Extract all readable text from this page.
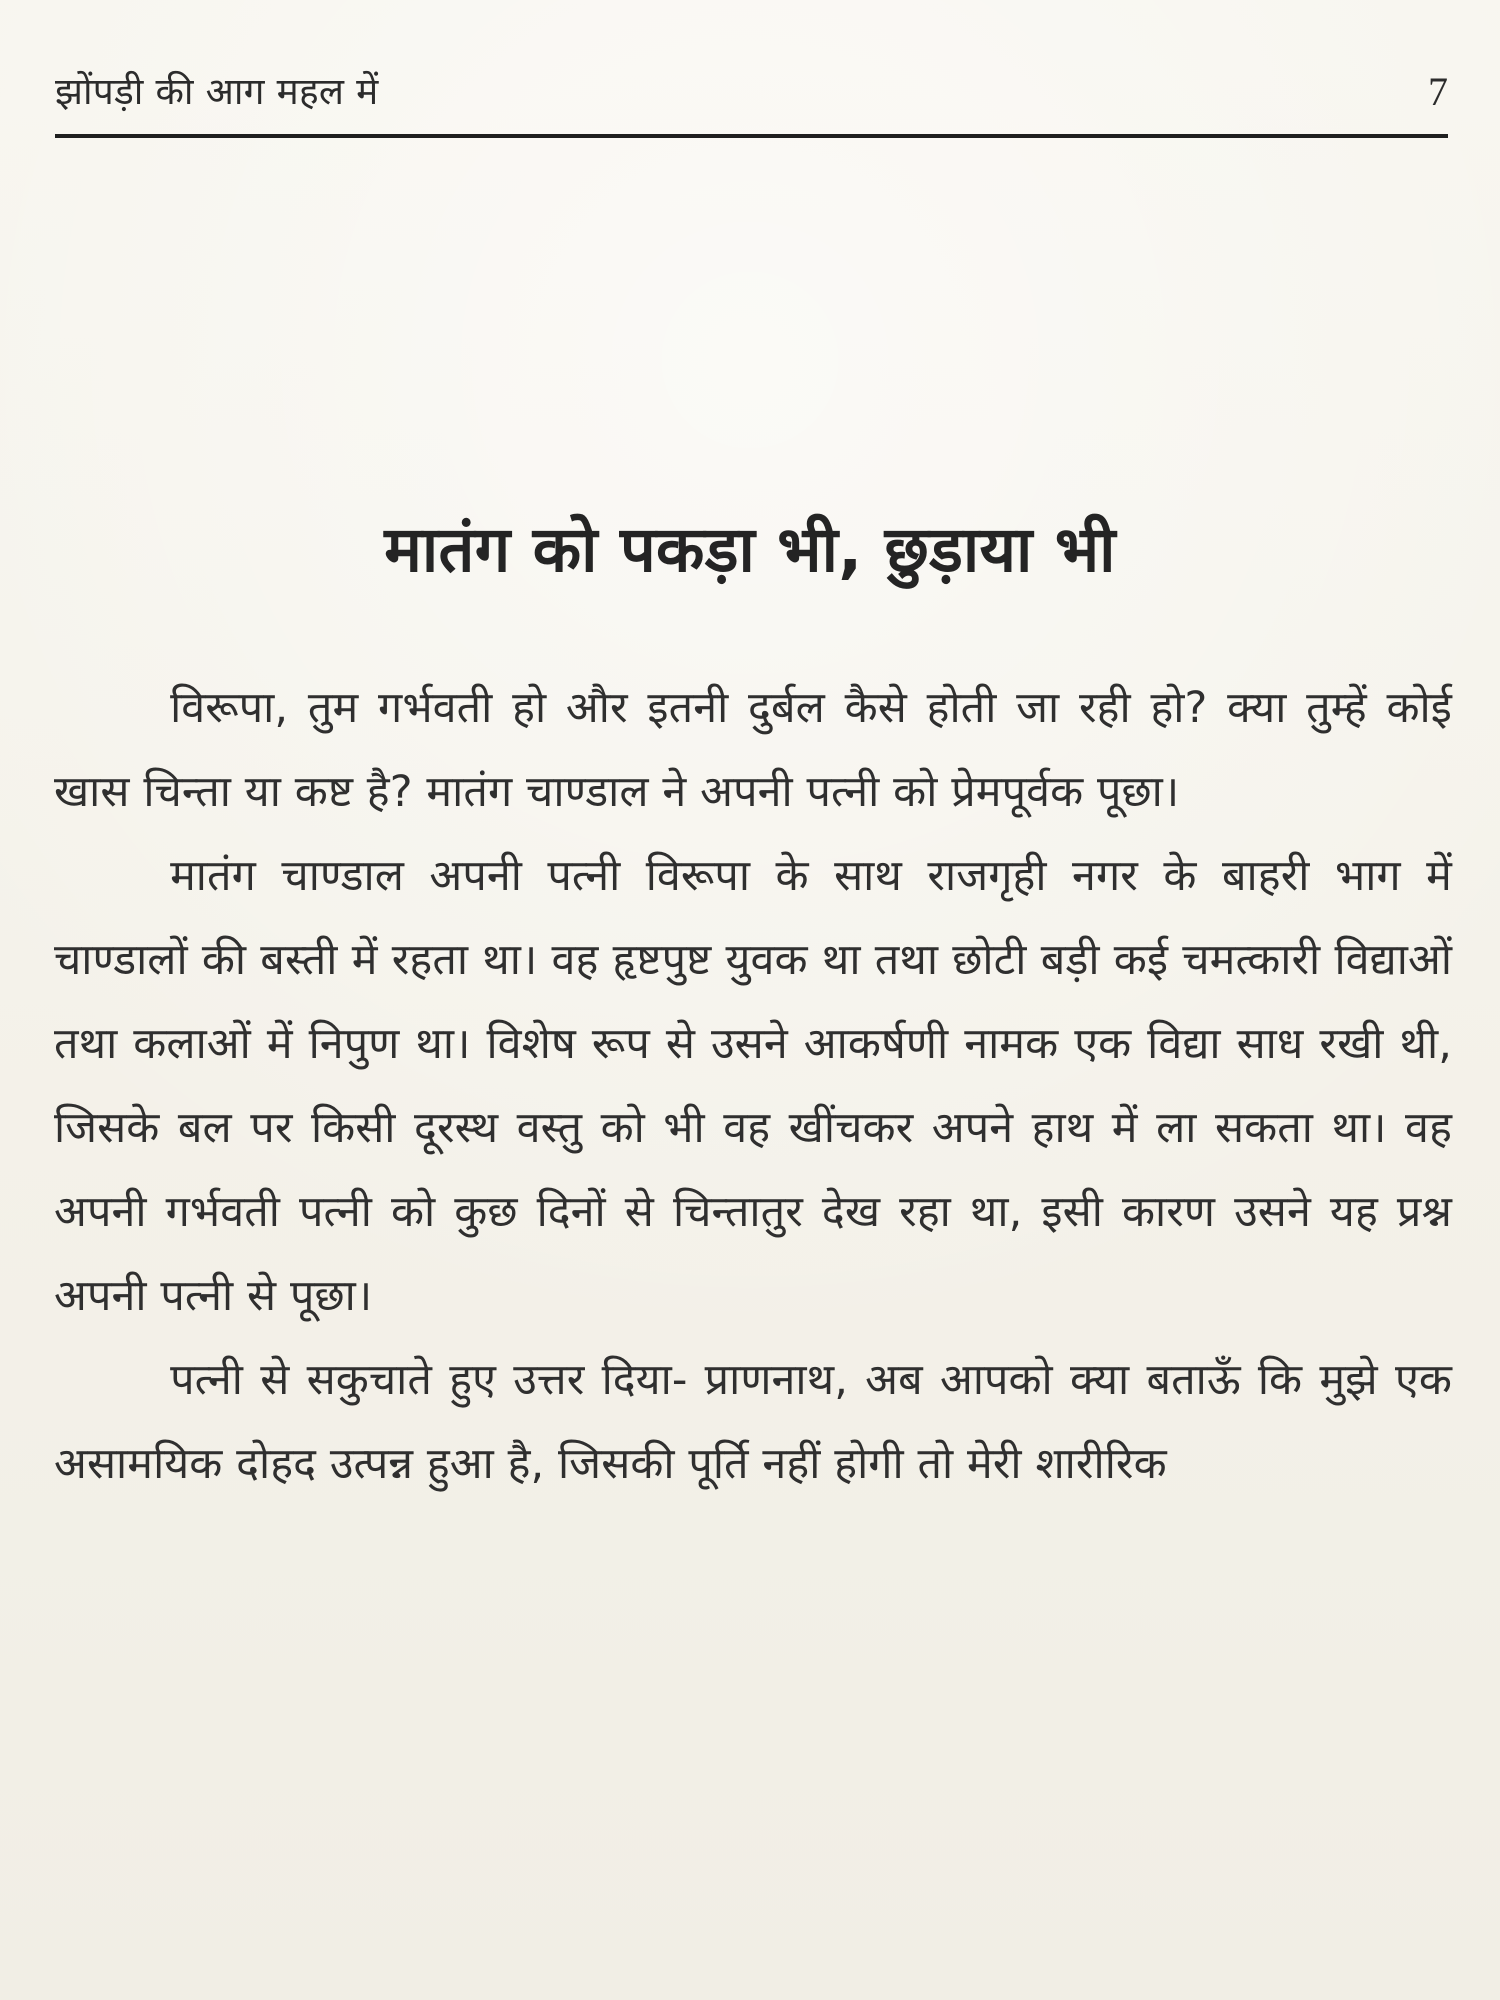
झोंपड़ी की आग महल में	7
मातंग को पकड़ा भी, छुड़ाया भी

विरूपा, तुम गर्भवती हो और इतनी दुर्बल कैसे होती जा रही हो? क्या तुम्हें कोई खास चिन्ता या कष्ट है? मातंग चाण्डाल ने अपनी पत्नी को प्रेमपूर्वक पूछा।

मातंग चाण्डाल अपनी पत्नी विरूपा के साथ राजगृही नगर के बाहरी भाग में चाण्डालों की बस्ती में रहता था। वह हृष्टपुष्ट युवक था तथा छोटी बड़ी कई चमत्कारी विद्याओं तथा कलाओं में निपुण था। विशेष रूप से उसने आकर्षणी नामक एक विद्या साध रखी थी, जिसके बल पर किसी दूरस्थ वस्तु को भी वह खींचकर अपने हाथ में ला सकता था। वह अपनी गर्भवती पत्नी को कुछ दिनों से चिन्तातुर देख रहा था, इसी कारण उसने यह प्रश्न अपनी पत्नी से पूछा।

पत्नी से सकुचाते हुए उत्तर दिया- प्राणनाथ, अब आपको क्या बताऊँ कि मुझे एक असामयिक दोहद उत्पन्न हुआ है, जिसकी पूर्ति नहीं होगी तो मेरी शारीरिक
